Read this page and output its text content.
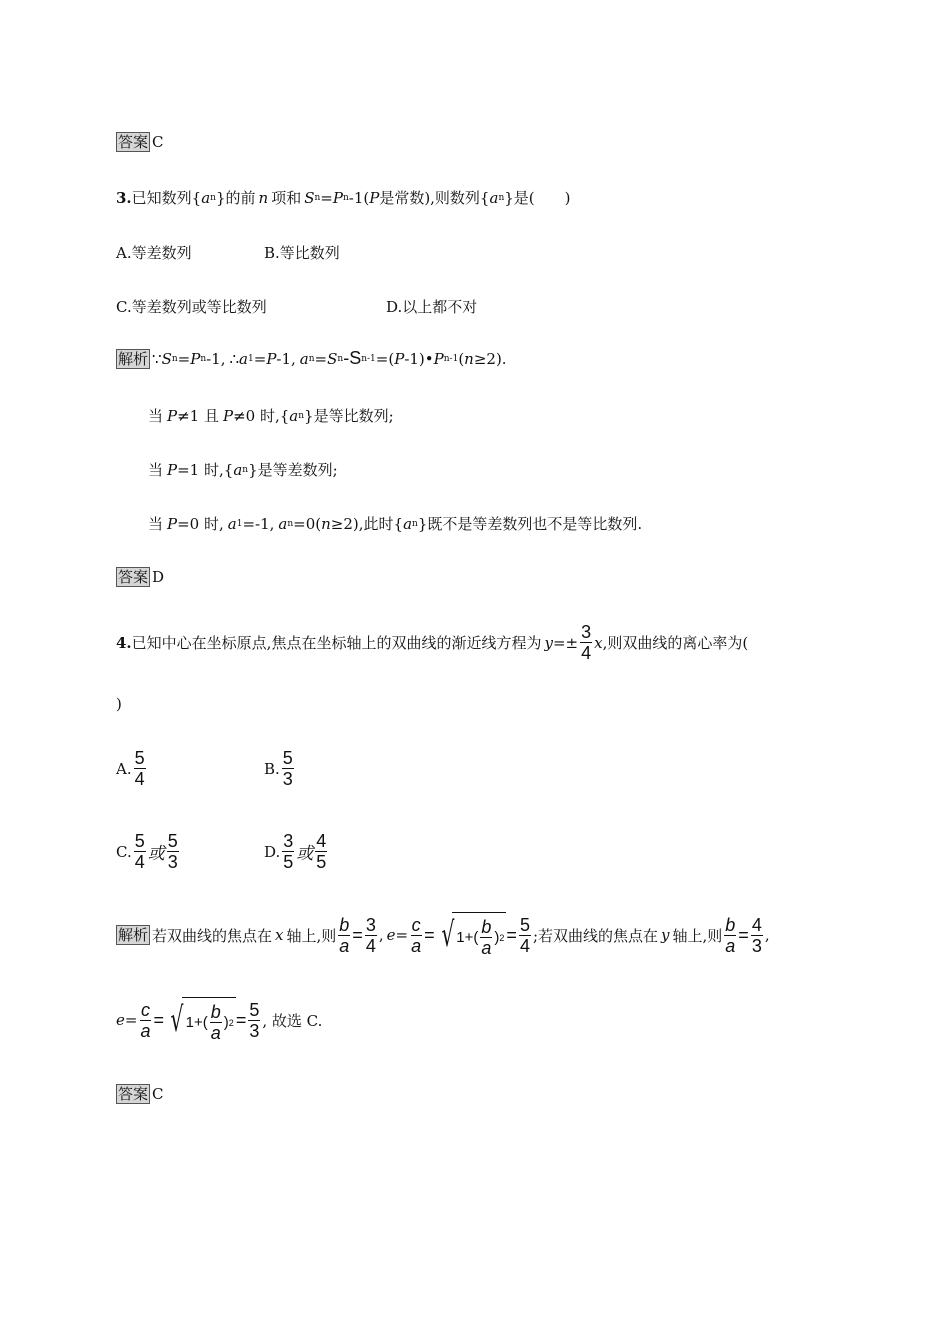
答案 C
3. 已知数列{ a n }的前 n 项和 S n = P n -1( P 是常数),则数列{ a n }是(　　)
A.等差数列	B.等比数列
C.等差数列或等比数列	D.以上都不对
解析 ∵ S n = P n -1, ∴ a 1 = P -1, a n = S n - S n-1 =( P -1) • P n-1 ( n ≥2).
当 P ≠1 且 P ≠0 时,{ a n }是等比数列;
当 P =1 时,{ a n }是等差数列;
当 P =0 时, a 1 =-1, a n =0( n ≥2),此时{ a n }既不是等差数列也不是等比数列.
答案 D
4. 已知中心在坐标原点,焦点在坐标轴上的双曲线的渐近线方程为 $y =\pm \frac{3}{4}$ x ,则双曲线的离心率为(
)
A. $\frac{5}{4}$	B. $\frac{5}{3}$
C. $\frac{5}{4}$ 或 $\frac{5}{3}$	D. $\frac{3}{5}$ 或 $\frac{4}{5}$
解析 若双曲线的焦点在 x 轴上,则 $\frac{b}{a} = \frac{3}{4}$ , $e = \frac{c}{a}$ = √ $1+( \frac{b}{a}$ ) $2 = \frac{5}{4}$ ;若双曲线的焦点在 y 轴上,则 $\frac{b}{a} = \frac{4}{3}$ ,
$e = \frac{c}{a}$ = √ $1+( \frac{b}{a}$ ) $2 = \frac{5}{3}$ , 故选 C.
答案 C
